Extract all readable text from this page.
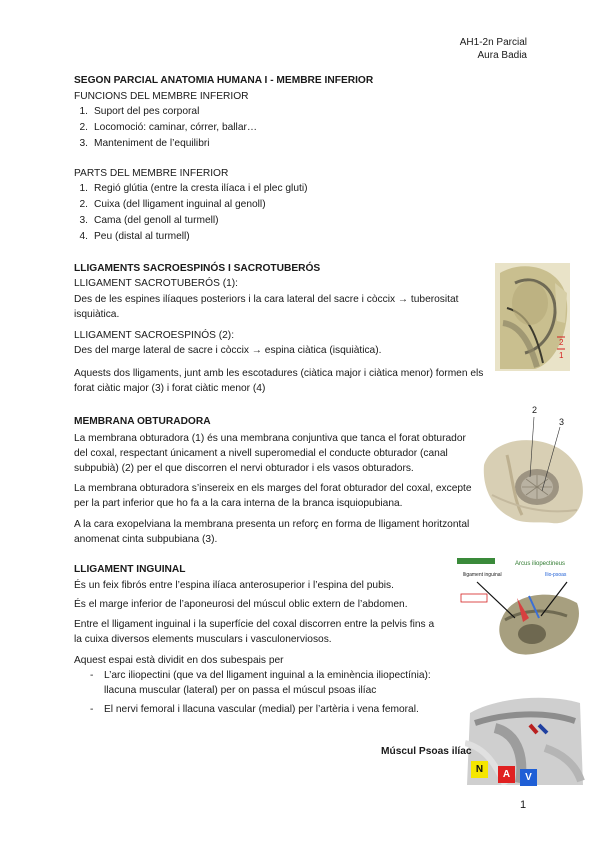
AH1-2n Parcial
Aura Badia
SEGON PARCIAL ANATOMIA HUMANA I - MEMBRE INFERIOR
FUNCIONS DEL MEMBRE INFERIOR
1. Suport del pes corporal
2. Locomoció: caminar, córrer, ballar…
3. Manteniment de l’equilibri
PARTS DEL MEMBRE INFERIOR
1. Regió glútia (entre la cresta ilíaca i el plec gluti)
2. Cuixa (del lligament inguinal al genoll)
3. Cama (del genoll al turmell)
4. Peu (distal al turmell)
LLIGAMENTS SACROESPINÓS I SACROTUBERÓS
LLIGAMENT SACROTUBERÓS (1):
Des de les espines ilíaques posteriors i la cara lateral del sacre i còccix → tuberositat isquiàtica.
LLIGAMENT SACROESPINÓS (2):
Des del marge lateral de sacre i còccix → espina ciàtica (isquiàtica).
Aquests dos lligaments, junt amb les escotadures (ciàtica major i ciàtica menor) formen els forat ciàtic major (3) i forat ciàtic menor (4)
2
1
MEMBRANA OBTURADORA
La membrana obturadora (1) és una membrana conjuntiva que tanca el forat obturador del coxal, respectant únicament a nivell superomedial el conducte obturador (canal subpubià) (2) per el que discorren el nervi obturador i els vasos obturadors.
La membrana obturadora s’insereix en els marges del forat obturador del coxal, excepte per la part inferior que ho fa a la cara interna de la branca isquiopubiana.
A la cara exopelviana la membrana presenta un reforç en forma de lligament horitzontal anomenat cinta subpubiana (3).
2
3
LLIGAMENT INGUINAL
És un feix fibrós entre l’espina ilíaca anterosuperior i l’espina del pubis.
És el marge inferior de l’aponeurosi del múscul oblic extern de l’abdomen.
Entre el lligament inguinal i la superfície del coxal discorren entre la pelvis fins a la cuixa diversos elements musculars i vasculonerviosos.
Aquest espai està dividit en dos subespais per
-	L’arc iliopectini (que va del lligament inguinal a la eminència iliopectínia): llacuna muscular (lateral) per on passa el múscul psoas ilíac
-	El nervi femoral i llacuna vascular (medial) per l’artèria i vena femoral.
Arcus iliopectineus
lligament inguinal	Ilio-psoas
Múscul Psoas ilíac
N	A	V
1
